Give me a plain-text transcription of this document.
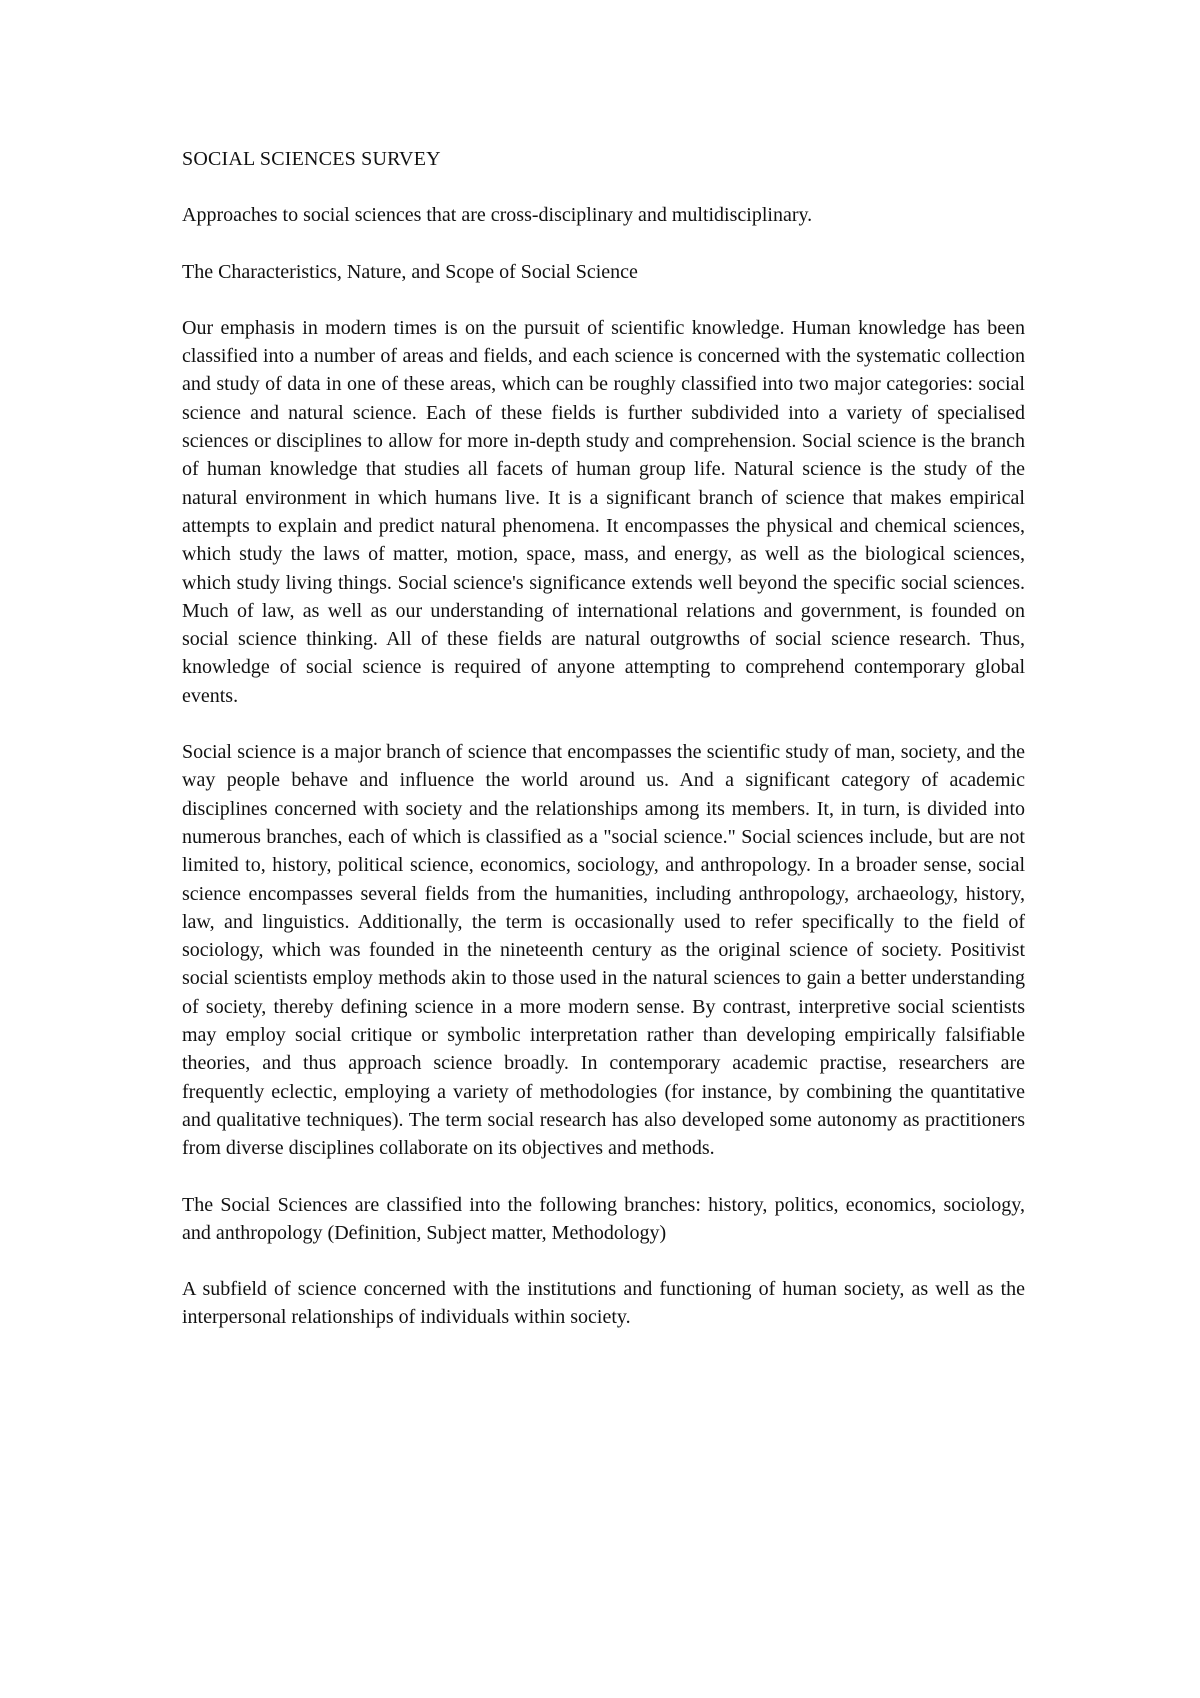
SOCIAL SCIENCES SURVEY

Approaches to social sciences that are cross-disciplinary and multidisciplinary.

The Characteristics, Nature, and Scope of Social Science

Our emphasis in modern times is on the pursuit of scientific knowledge. Human knowledge has been classified into a number of areas and fields, and each science is concerned with the systematic collection and study of data in one of these areas, which can be roughly classified into two major categories: social science and natural science. Each of these fields is further subdivided into a variety of specialised sciences or disciplines to allow for more in-depth study and comprehension. Social science is the branch of human knowledge that studies all facets of human group life. Natural science is the study of the natural environment in which humans live. It is a significant branch of science that makes empirical attempts to explain and predict natural phenomena. It encompasses the physical and chemical sciences, which study the laws of matter, motion, space, mass, and energy, as well as the biological sciences, which study living things. Social science's significance extends well beyond the specific social sciences. Much of law, as well as our understanding of international relations and government, is founded on social science thinking. All of these fields are natural outgrowths of social science research. Thus, knowledge of social science is required of anyone attempting to comprehend contemporary global events.

Social science is a major branch of science that encompasses the scientific study of man, society, and the way people behave and influence the world around us. And a significant category of academic disciplines concerned with society and the relationships among its members. It, in turn, is divided into numerous branches, each of which is classified as a "social science." Social sciences include, but are not limited to, history, political science, economics, sociology, and anthropology. In a broader sense, social science encompasses several fields from the humanities, including anthropology, archaeology, history, law, and linguistics. Additionally, the term is occasionally used to refer specifically to the field of sociology, which was founded in the nineteenth century as the original science of society. Positivist social scientists employ methods akin to those used in the natural sciences to gain a better understanding of society, thereby defining science in a more modern sense. By contrast, interpretive social scientists may employ social critique or symbolic interpretation rather than developing empirically falsifiable theories, and thus approach science broadly. In contemporary academic practise, researchers are frequently eclectic, employing a variety of methodologies (for instance, by combining the quantitative and qualitative techniques). The term social research has also developed some autonomy as practitioners from diverse disciplines collaborate on its objectives and methods.

The Social Sciences are classified into the following branches: history, politics, economics, sociology, and anthropology (Definition, Subject matter, Methodology)

A subfield of science concerned with the institutions and functioning of human society, as well as the interpersonal relationships of individuals within society.
